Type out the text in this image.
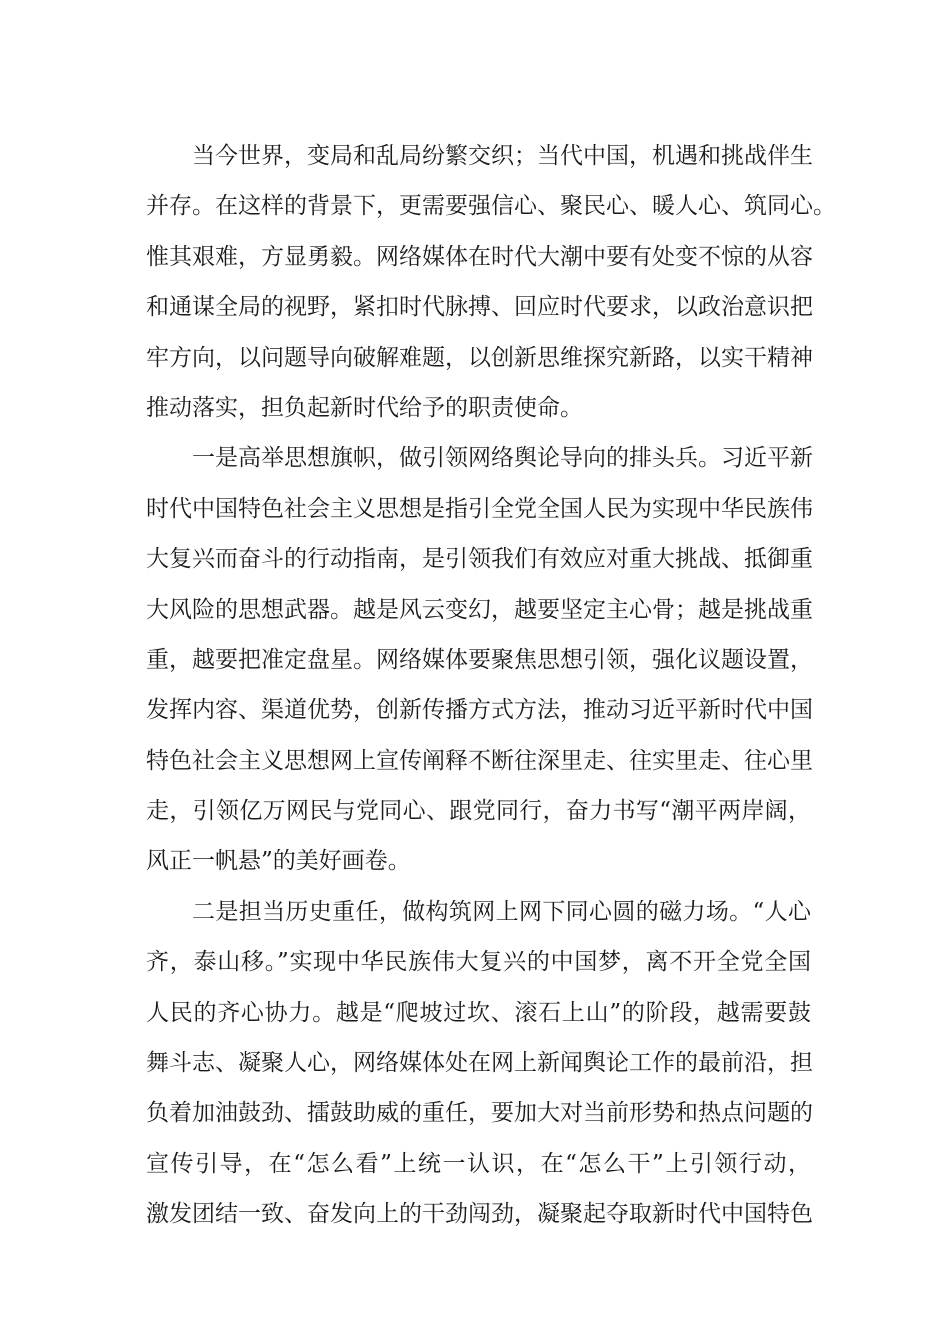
当今世界，变局和乱局纷繁交织；当代中国，机遇和挑战伴生
并存。在这样的背景下，更需要强信心、聚民心、暖人心、筑同心。
惟其艰难，方显勇毅。网络媒体在时代大潮中要有处变不惊的从容
和通谋全局的视野，紧扣时代脉搏、回应时代要求，以政治意识把
牢方向，以问题导向破解难题，以创新思维探究新路，以实干精神
推动落实，担负起新时代给予的职责使命。
一是高举思想旗帜，做引领网络舆论导向的排头兵。习近平新
时代中国特色社会主义思想是指引全党全国人民为实现中华民族伟
大复兴而奋斗的行动指南，是引领我们有效应对重大挑战、抵御重
大风险的思想武器。越是风云变幻，越要坚定主心骨；越是挑战重
重，越要把准定盘星。网络媒体要聚焦思想引领，强化议题设置，
发挥内容、渠道优势，创新传播方式方法，推动习近平新时代中国
特色社会主义思想网上宣传阐释不断往深里走、往实里走、往心里
走，引领亿万网民与党同心、跟党同行，奋力书写“潮平两岸阔，
风正一帆悬”的美好画卷。
二是担当历史重任，做构筑网上网下同心圆的磁力场。“人心
齐，泰山移。”实现中华民族伟大复兴的中国梦，离不开全党全国
人民的齐心协力。越是“爬坡过坎、滚石上山”的阶段，越需要鼓
舞斗志、凝聚人心，网络媒体处在网上新闻舆论工作的最前沿，担
负着加油鼓劲、擂鼓助威的重任，要加大对当前形势和热点问题的
宣传引导，在“怎么看”上统一认识，在“怎么干”上引领行动，
激发团结一致、奋发向上的干劲闯劲，凝聚起夺取新时代中国特色
